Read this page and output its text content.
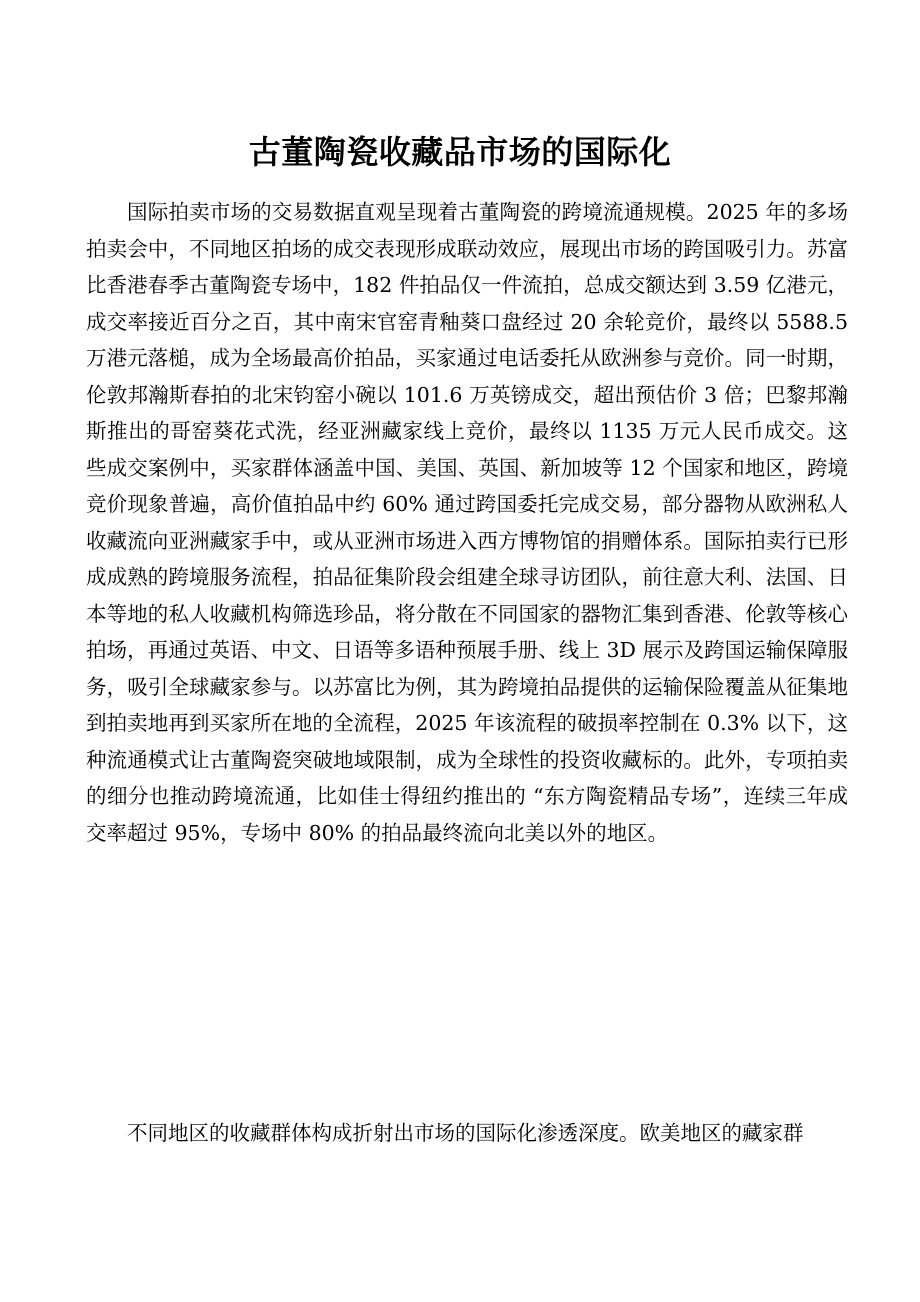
古董陶瓷收藏品市场的国际化

国际拍卖市场的交易数据直观呈现着古董陶瓷的跨境流通规模。2025 年的多场拍卖会中，不同地区拍场的成交表现形成联动效应，展现出市场的跨国吸引力。苏富比香港春季古董陶瓷专场中，182 件拍品仅一件流拍，总成交额达到 3.59 亿港元，成交率接近百分之百，其中南宋官窑青釉葵口盘经过 20 余轮竞价，最终以 5588.5 万港元落槌，成为全场最高价拍品，买家通过电话委托从欧洲参与竞价。同一时期，伦敦邦瀚斯春拍的北宋钧窑小碗以 101.6 万英镑成交，超出预估价 3 倍；巴黎邦瀚斯推出的哥窑葵花式洗，经亚洲藏家线上竞价，最终以 1135 万元人民币成交。这些成交案例中，买家群体涵盖中国、美国、英国、新加坡等 12 个国家和地区，跨境竞价现象普遍，高价值拍品中约 60% 通过跨国委托完成交易，部分器物从欧洲私人收藏流向亚洲藏家手中，或从亚洲市场进入西方博物馆的捐赠体系。国际拍卖行已形成成熟的跨境服务流程，拍品征集阶段会组建全球寻访团队，前往意大利、法国、日本等地的私人收藏机构筛选珍品，将分散在不同国家的器物汇集到香港、伦敦等核心拍场，再通过英语、中文、日语等多语种预展手册、线上 3D 展示及跨国运输保障服务，吸引全球藏家参与。以苏富比为例，其为跨境拍品提供的运输保险覆盖从征集地到拍卖地再到买家所在地的全流程，2025 年该流程的破损率控制在 0.3% 以下，这种流通模式让古董陶瓷突破地域限制，成为全球性的投资收藏标的。此外，专项拍卖的细分也推动跨境流通，比如佳士得纽约推出的 “东方陶瓷精品专场”，连续三年成交率超过 95%，专场中 80% 的拍品最终流向北美以外的地区。

不同地区的收藏群体构成折射出市场的国际化渗透深度。欧美地区的藏家群
